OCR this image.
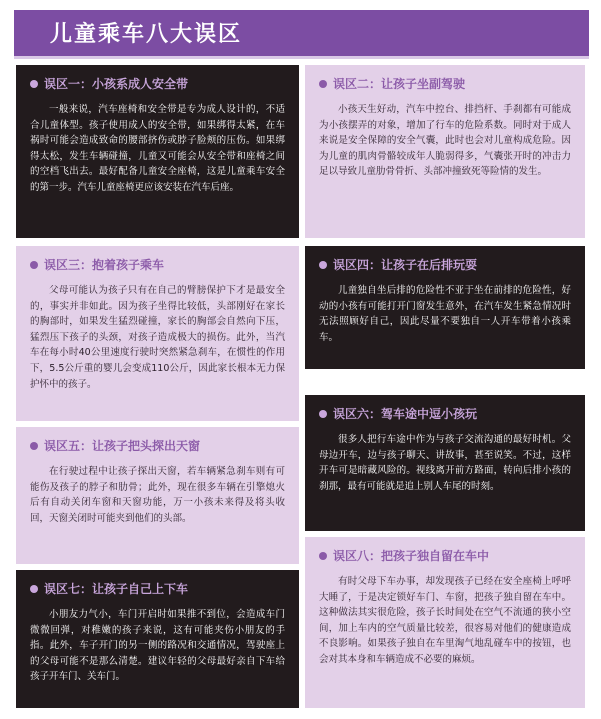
儿童乘车八大误区
误区一：小孩系成人安全带
一般来说，汽车座椅和安全带是专为成人设计的，不适合儿童体型。孩子使用成人的安全带，如果绑得太紧，在车祸时可能会造成致命的腰部挤伤或脖子脸颊的压伤。如果绑得太松，发生车辆碰撞，儿童又可能会从安全带和座椅之间的空档飞出去。最好配备儿童安全座椅，这是儿童乘车安全的第一步。汽车儿童座椅更应该安装在汽车后座。
误区二：让孩子坐副驾驶
小孩天生好动，汽车中控台、排挡杆、手刹都有可能成为小孩摆弄的对象，增加了行车的危险系数。同时对于成人来说是安全保障的安全气囊，此时也会对儿童构成危险。因为儿童的肌肉骨骼较成年人脆弱得多，气囊张开时的冲击力足以导致儿童肋骨骨折、头部冲撞致死等险情的发生。
误区三：抱着孩子乘车
父母可能认为孩子只有在自己的臂膀保护下才是最安全的，事实并非如此。因为孩子坐得比较低，头部刚好在家长的胸部时，如果发生猛烈碰撞，家长的胸部会自然向下压，猛烈压下孩子的头颈，对孩子造成极大的损伤。此外，当汽车在每小时40公里速度行驶时突然紧急刹车，在惯性的作用下，5.5公斤重的婴儿会变成110公斤，因此家长根本无力保护怀中的孩子。
误区四：让孩子在后排玩耍
儿童独自坐后排的危险性不亚于坐在前排的危险性，好动的小孩有可能打开门窗发生意外，在汽车发生紧急情况时无法照顾好自己，因此尽量不要独自一人开车带着小孩乘车。
误区五：让孩子把头探出天窗
在行驶过程中让孩子探出天窗，若车辆紧急刹车则有可能伤及孩子的脖子和肋骨；此外，现在很多车辆在引擎熄火后有自动关闭车窗和天窗功能，万一小孩未来得及将头收回，天窗关闭时可能夹到他们的头部。
误区六：驾车途中逗小孩玩
很多人把行车途中作为与孩子交流沟通的最好时机。父母边开车，边与孩子聊天、讲故事，甚至说笑。不过，这样开车可是暗藏风险的。视线离开前方路面，转向后排小孩的刹那，最有可能就是追上别人车尾的时刻。
误区七：让孩子自己上下车
小朋友力气小，车门开启时如果推不到位，会造成车门微微回弹，对稚嫩的孩子来说，这有可能夹伤小朋友的手指。此外，车子开门的另一侧的路况和交通情况，驾驶座上的父母可能不是那么清楚。建议年轻的父母最好亲自下车给孩子开车门、关车门。
误区八：把孩子独自留在车中
有时父母下车办事，却发现孩子已经在安全座椅上呼呼大睡了，于是决定锁好车门、车窗，把孩子独自留在车中。这种做法其实很危险，孩子长时间处在空气不流通的狭小空间，加上车内的空气质量比较差，很容易对他们的健康造成不良影响。如果孩子独自在车里淘气地乱碰车中的按钮，也会对其本身和车辆造成不必要的麻烦。
